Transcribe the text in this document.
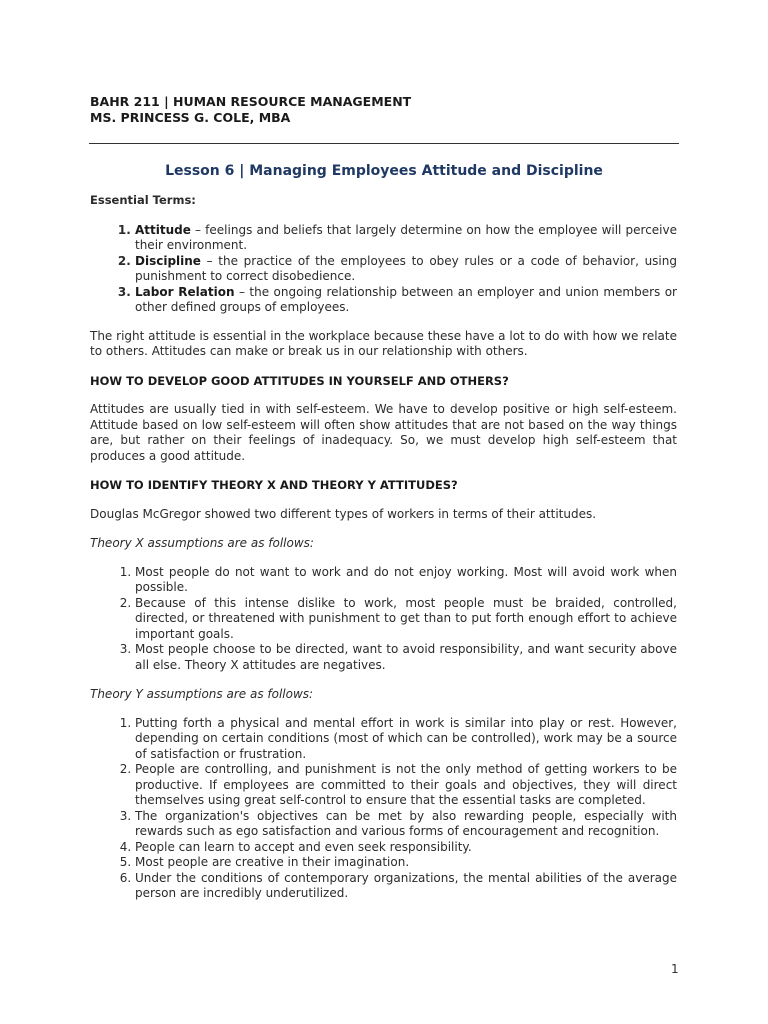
BAHR 211 | HUMAN RESOURCE MANAGEMENT
MS. PRINCESS G. COLE, MBA
Lesson 6 | Managing Employees Attitude and Discipline
Essential Terms:
1. Attitude – feelings and beliefs that largely determine on how the employee will perceive their environment.
2. Discipline – the practice of the employees to obey rules or a code of behavior, using punishment to correct disobedience.
3. Labor Relation – the ongoing relationship between an employer and union members or other defined groups of employees.

The right attitude is essential in the workplace because these have a lot to do with how we relate to others. Attitudes can make or break us in our relationship with others.

HOW TO DEVELOP GOOD ATTITUDES IN YOURSELF AND OTHERS?

Attitudes are usually tied in with self-esteem. We have to develop positive or high self-esteem. Attitude based on low self-esteem will often show attitudes that are not based on the way things are, but rather on their feelings of inadequacy. So, we must develop high self-esteem that produces a good attitude.

HOW TO IDENTIFY THEORY X AND THEORY Y ATTITUDES?

Douglas McGregor showed two different types of workers in terms of their attitudes.

Theory X assumptions are as follows:

1. Most people do not want to work and do not enjoy working. Most will avoid work when possible.
2. Because of this intense dislike to work, most people must be braided, controlled, directed, or threatened with punishment to get than to put forth enough effort to achieve important goals.
3. Most people choose to be directed, want to avoid responsibility, and want security above all else. Theory X attitudes are negatives.

Theory Y assumptions are as follows:

1. Putting forth a physical and mental effort in work is similar into play or rest. However, depending on certain conditions (most of which can be controlled), work may be a source of satisfaction or frustration.
2. People are controlling, and punishment is not the only method of getting workers to be productive. If employees are committed to their goals and objectives, they will direct themselves using great self-control to ensure that the essential tasks are completed.
3. The organization's objectives can be met by also rewarding people, especially with rewards such as ego satisfaction and various forms of encouragement and recognition.
4. People can learn to accept and even seek responsibility.
5. Most people are creative in their imagination.
6. Under the conditions of contemporary organizations, the mental abilities of the average person are incredibly underutilized.
1
